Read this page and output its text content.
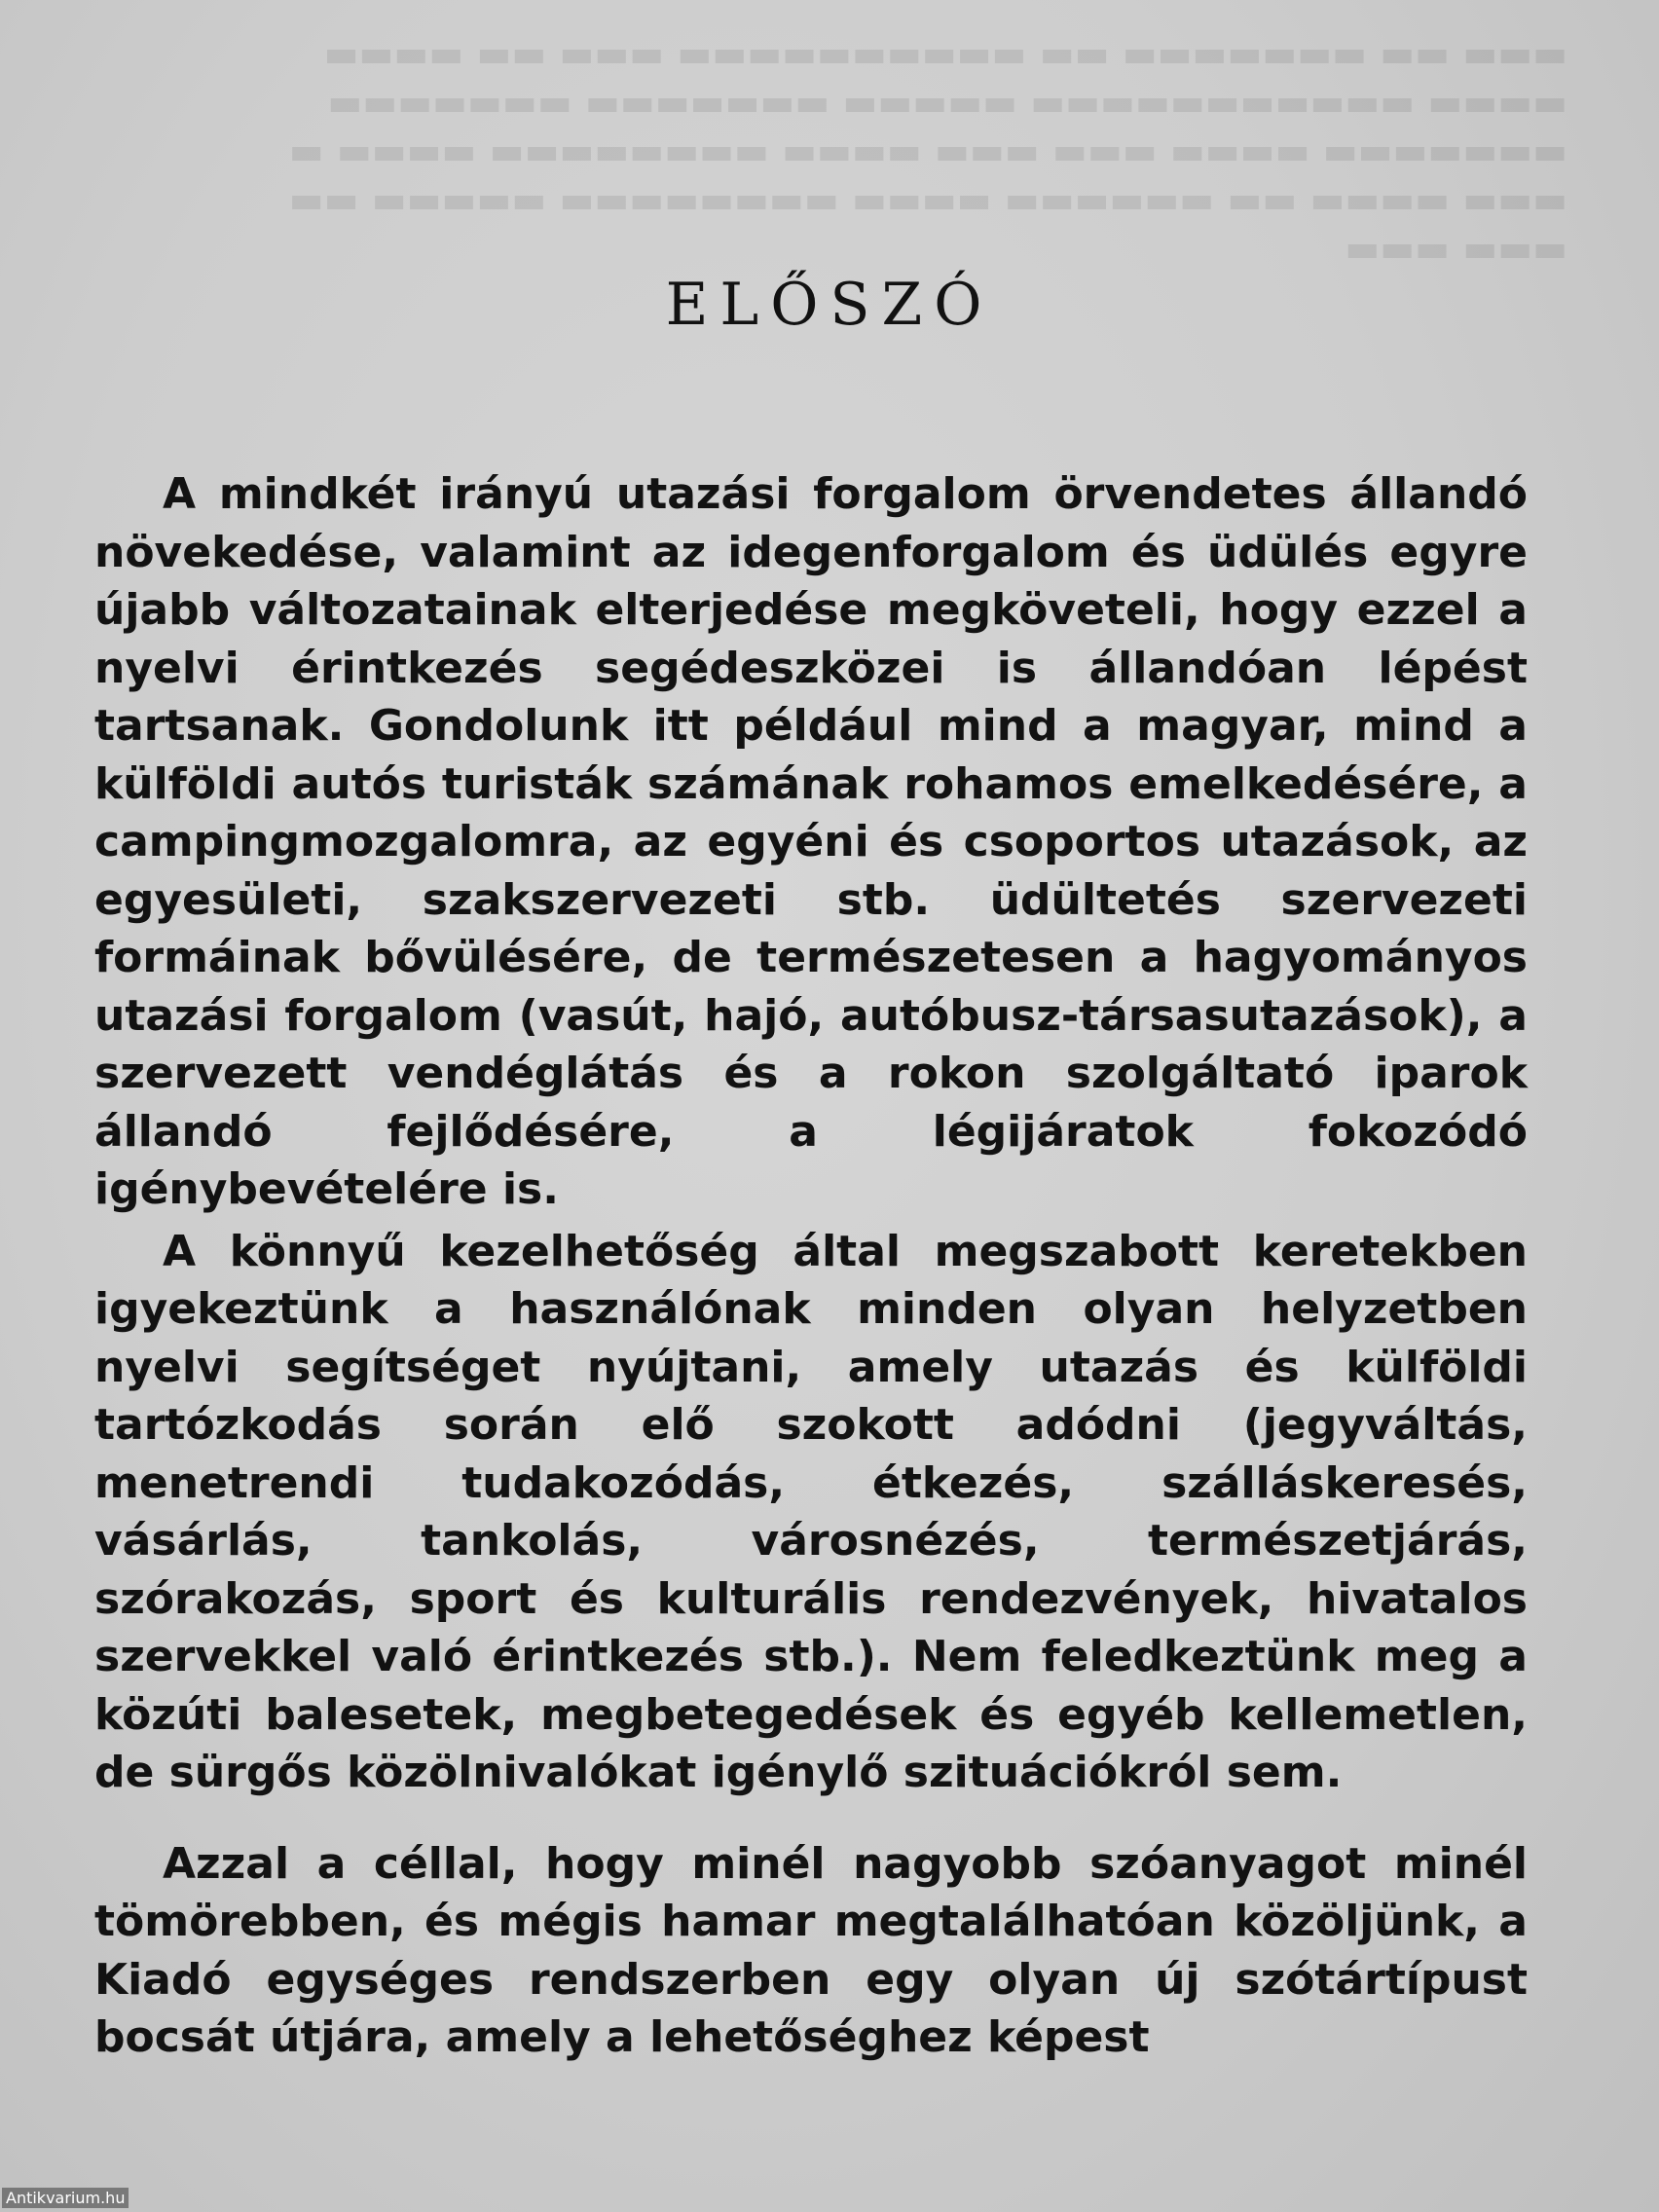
▬▬▬ ▬▬ ▬▬▬▬▬▬▬ ▬▬ ▬▬▬▬▬▬▬▬▬▬ ▬▬▬ ▬▬ ▬▬▬▬
▬▬▬▬ ▬▬▬▬▬▬▬▬▬▬▬ ▬▬▬▬▬ ▬▬▬▬▬▬▬ ▬▬▬▬▬▬▬
▬▬▬▬▬▬▬ ▬▬▬▬ ▬▬▬ ▬▬▬ ▬▬▬▬ ▬▬▬▬▬▬▬▬ ▬▬▬▬ ▬
▬▬▬ ▬▬▬▬ ▬▬ ▬▬▬▬▬▬ ▬▬▬▬ ▬▬▬▬▬▬▬▬ ▬▬▬▬▬ ▬▬
▬▬▬ ▬▬▬
ELŐSZÓ

A mindkét irányú utazási forgalom örvendetes állandó növekedése, valamint az idegenforgalom és üdülés egyre újabb változatainak elterjedése megköveteli, hogy ezzel a nyelvi érintkezés segédeszközei is állandóan lépést tartsanak. Gondolunk itt például mind a magyar, mind a külföldi autós turisták számának rohamos emelkedésére, a campingmozgalomra, az egyéni és csoportos utazások, az egyesületi, szakszervezeti stb. üdültetés szervezeti formáinak bővülésére, de természetesen a hagyományos utazási forgalom (vasút, hajó, autóbusz-társasutazások), a szervezett vendéglátás és a rokon szolgáltató iparok állandó fejlődésére, a légijáratok fokozódó igénybevételére is.

A könnyű kezelhetőség által megszabott keretekben igyekeztünk a használónak minden olyan helyzetben nyelvi segítséget nyújtani, amely utazás és külföldi tartózkodás során elő szokott adódni (jegyváltás, menetrendi tudakozódás, étkezés, szálláskeresés, vásárlás, tankolás, városnézés, természetjárás, szórakozás, sport és kulturális rendezvények, hivatalos szervekkel való érintkezés stb.). Nem feledkeztünk meg a közúti balesetek, megbetegedések és egyéb kellemetlen, de sürgős közölnivalókat igénylő szituációkról sem.

Azzal a céllal, hogy minél nagyobb szóanyagot minél tömörebben, és mégis hamar megtalálhatóan közöljünk, a Kiadó egységes rendszerben egy olyan új szótártípust bocsát útjára, amely a lehetőséghez képest

Antikvarium.hu
